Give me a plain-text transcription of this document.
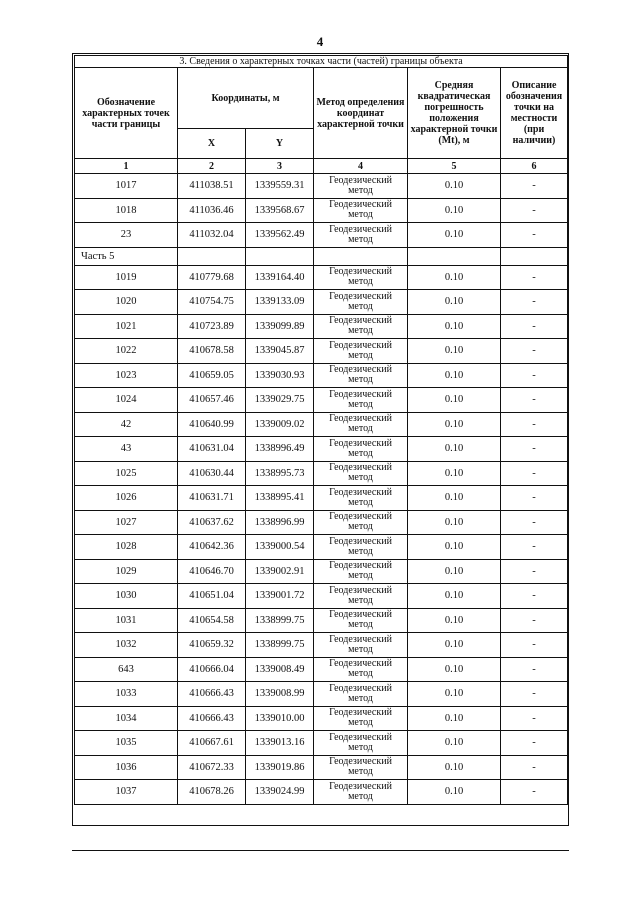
4
3. Сведения о характерных точках части (частей) границы объекта					
Обозначение характерных точек части границы	Координаты, м		Метод определения координат характерной точки	Средняя квадратическая погрешность положения характерной точки (Mt), м	Описание обозначения точки на местности (при наличии)
	X	Y			
1	2	3	4	5	6
1017	411038.51	1339559.31	Геодезический метод	0.10	-
1018	411036.46	1339568.67	Геодезический метод	0.10	-
23	411032.04	1339562.49	Геодезический метод	0.10	-
Часть 5					
1019	410779.68	1339164.40	Геодезический метод	0.10	-
1020	410754.75	1339133.09	Геодезический метод	0.10	-
1021	410723.89	1339099.89	Геодезический метод	0.10	-
1022	410678.58	1339045.87	Геодезический метод	0.10	-
1023	410659.05	1339030.93	Геодезический метод	0.10	-
1024	410657.46	1339029.75	Геодезический метод	0.10	-
42	410640.99	1339009.02	Геодезический метод	0.10	-
43	410631.04	1338996.49	Геодезический метод	0.10	-
1025	410630.44	1338995.73	Геодезический метод	0.10	-
1026	410631.71	1338995.41	Геодезический метод	0.10	-
1027	410637.62	1338996.99	Геодезический метод	0.10	-
1028	410642.36	1339000.54	Геодезический метод	0.10	-
1029	410646.70	1339002.91	Геодезический метод	0.10	-
1030	410651.04	1339001.72	Геодезический метод	0.10	-
1031	410654.58	1338999.75	Геодезический метод	0.10	-
1032	410659.32	1338999.75	Геодезический метод	0.10	-
643	410666.04	1339008.49	Геодезический метод	0.10	-
1033	410666.43	1339008.99	Геодезический метод	0.10	-
1034	410666.43	1339010.00	Геодезический метод	0.10	-
1035	410667.61	1339013.16	Геодезический метод	0.10	-
1036	410672.33	1339019.86	Геодезический метод	0.10	-
1037	410678.26	1339024.99	Геодезический метод	0.10	-
